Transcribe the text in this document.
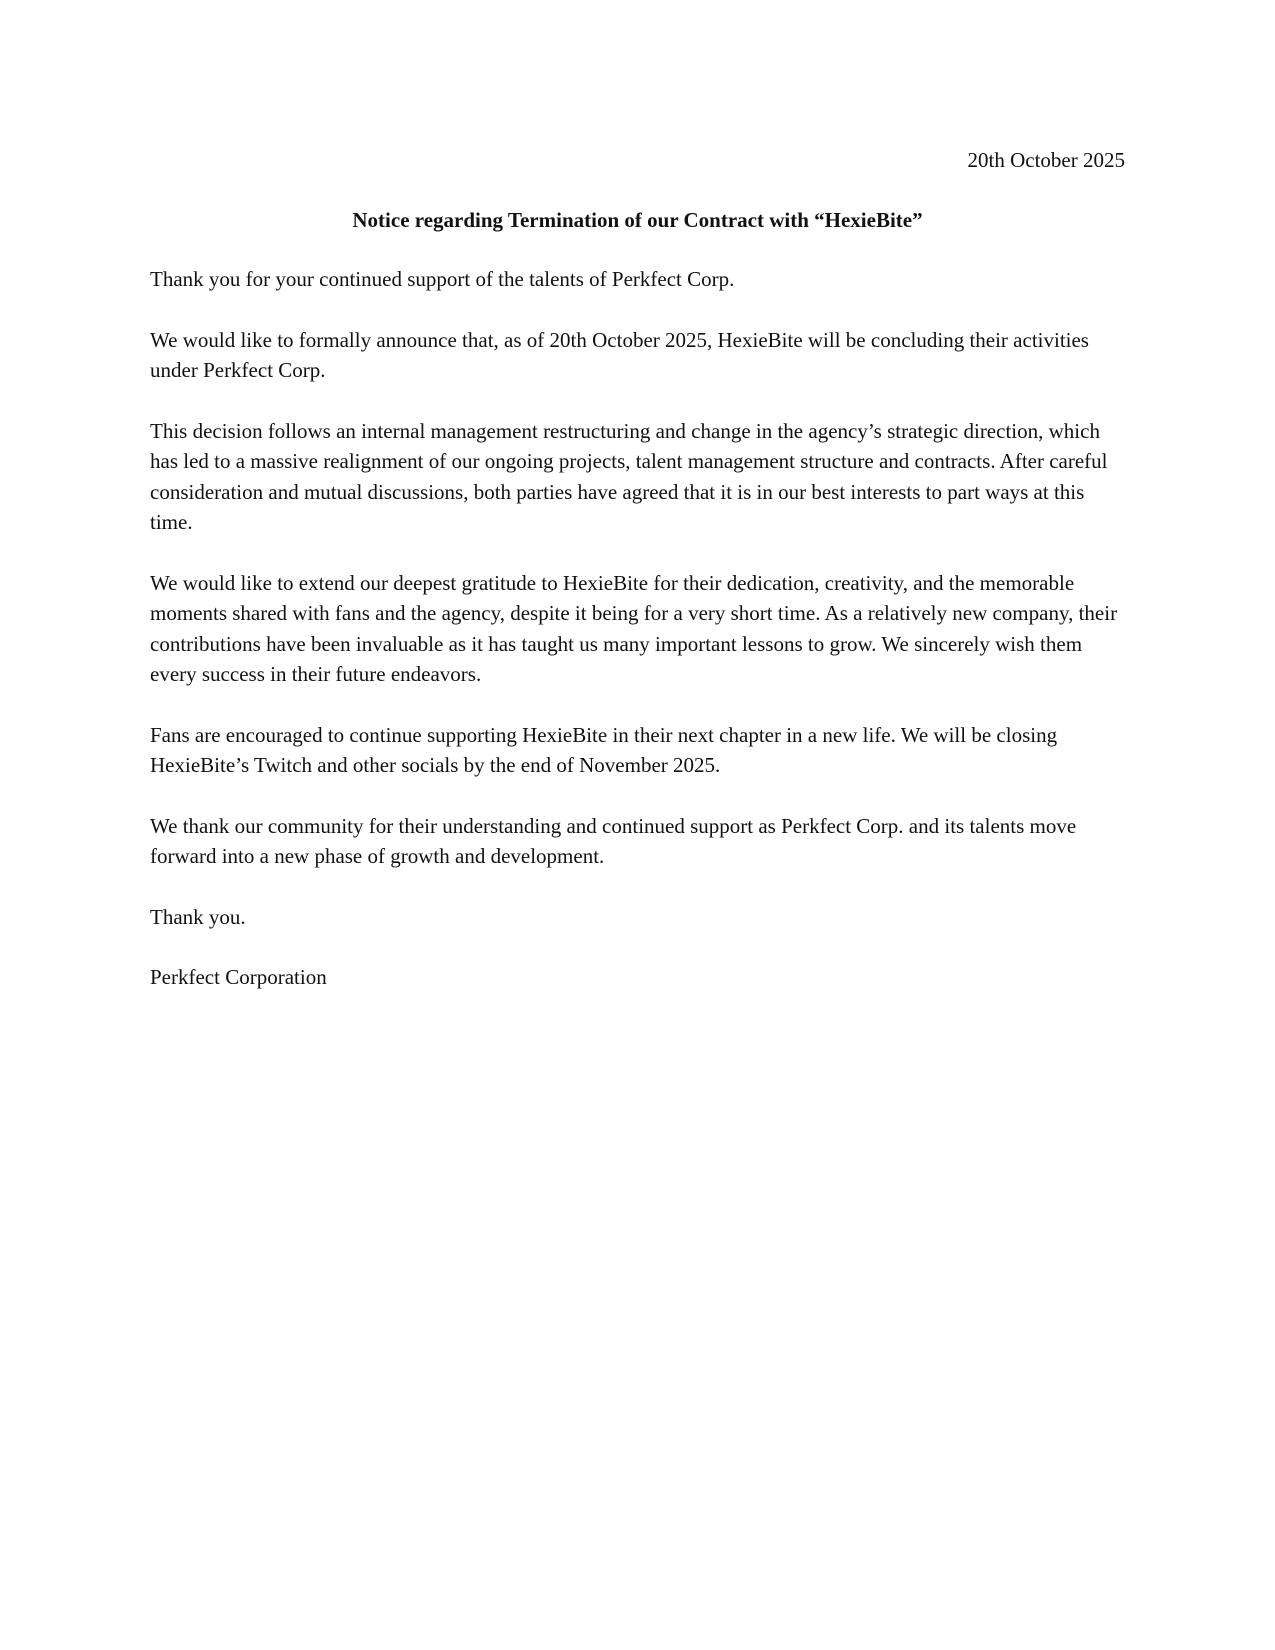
20th October 2025
Notice regarding Termination of our Contract with “HexieBite”

Thank you for your continued support of the talents of Perkfect Corp.

We would like to formally announce that, as of 20th October 2025, HexieBite will be concluding their activities under Perkfect Corp.

This decision follows an internal management restructuring and change in the agency’s strategic direction, which has led to a massive realignment of our ongoing projects, talent management structure and contracts. After careful consideration and mutual discussions, both parties have agreed that it is in our best interests to part ways at this time.

We would like to extend our deepest gratitude to HexieBite for their dedication, creativity, and the memorable moments shared with fans and the agency, despite it being for a very short time. As a relatively new company, their contributions have been invaluable as it has taught us many important lessons to grow. We sincerely wish them every success in their future endeavors.

Fans are encouraged to continue supporting HexieBite in their next chapter in a new life. We will be closing HexieBite’s Twitch and other socials by the end of November 2025.

We thank our community for their understanding and continued support as Perkfect Corp. and its talents move forward into a new phase of growth and development.

Thank you.

Perkfect Corporation
